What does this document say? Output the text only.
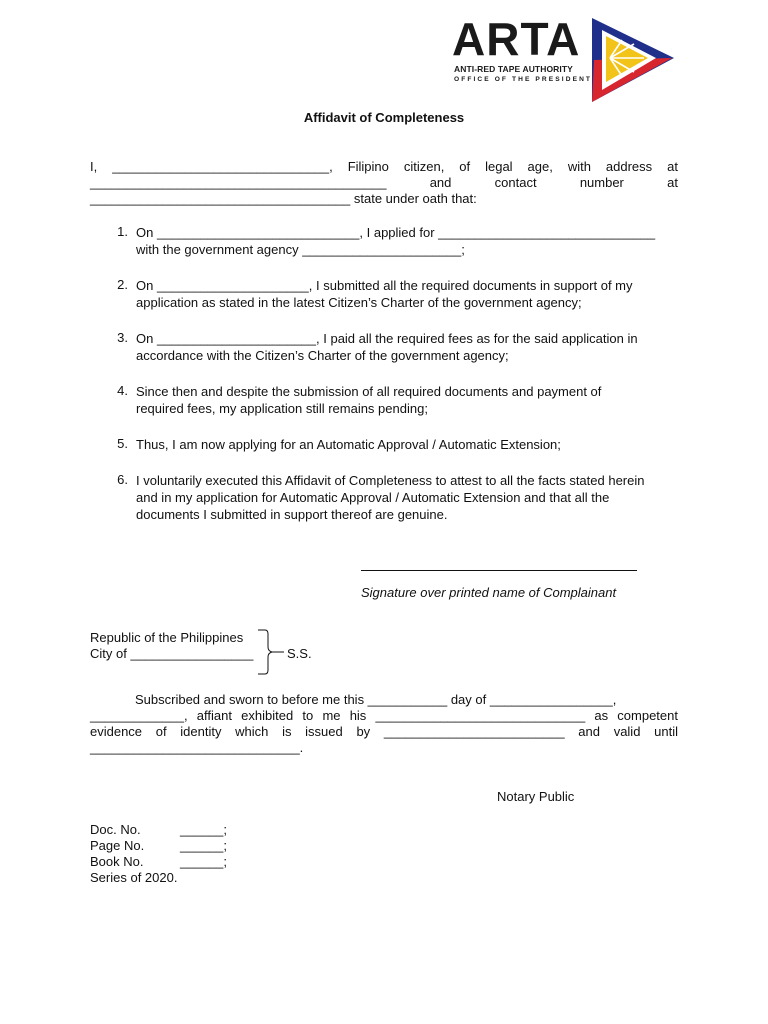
ARTA
ANTI-RED TAPE AUTHORITY
OFFICE OF THE PRESIDENT
Affidavit of Completeness
I, ______________________________, Filipino citizen, of legal age, with address at
_________________________________________	and	contact	number	at
____________________________________ state under oath that:
1. On ____________________________, I applied for ______________________________
with the government agency ______________________;
2. On _____________________, I submitted all the required documents in support of my
application as stated in the latest Citizen’s Charter of the government agency;
3. On ______________________, I paid all the required fees as for the said application in
accordance with the Citizen’s Charter of the government agency;
4. Since then and despite the submission of all required documents and payment of
required fees, my application still remains pending;
5. Thus, I am now applying for an Automatic Approval / Automatic Extension;
6. I voluntarily executed this Affidavit of Completeness to attest to all the facts stated herein
and in my application for Automatic Approval / Automatic Extension and that all the
documents I submitted in support thereof are genuine.
Signature over printed name of Complainant
Republic of the Philippines
City of _________________	S.S.
Subscribed and sworn to before me this ___________ day of _________________,
_____________, affiant exhibited to me his _____________________________ as competent
evidence of identity which is issued by _________________________ and valid until
_____________________________.
Notary Public
Doc. No.	______;
Page No.	______;
Book No.	______;
Series of 2020.
